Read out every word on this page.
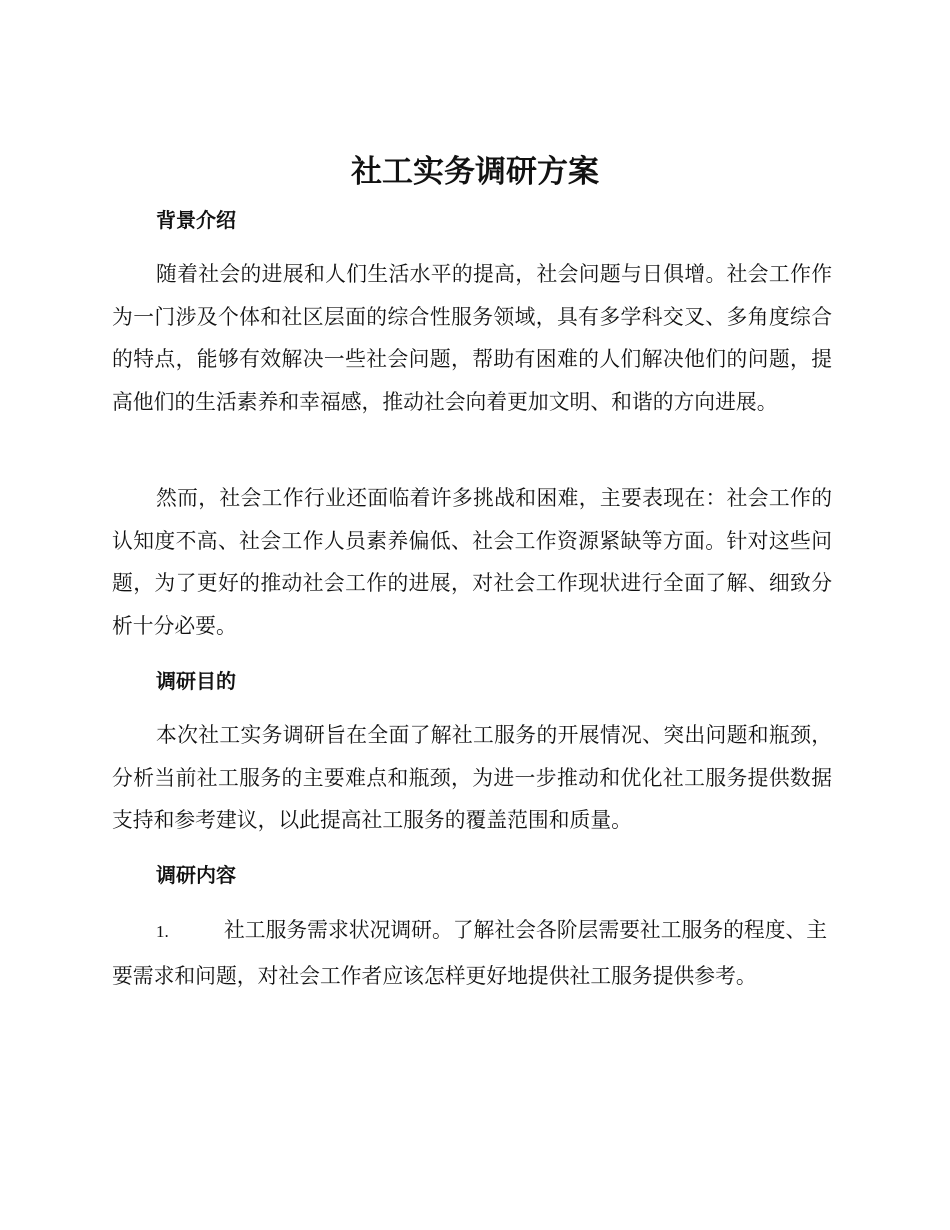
社工实务调研方案
背景介绍

随着社会的进展和人们生活水平的提高，社会问题与日俱增。社会工作作为一门涉及个体和社区层面的综合性服务领域，具有多学科交叉、多角度综合的特点，能够有效解决一些社会问题，帮助有困难的人们解决他们的问题，提高他们的生活素养和幸福感，推动社会向着更加文明、和谐的方向进展。

然而，社会工作行业还面临着许多挑战和困难，主要表现在：社会工作的认知度不高、社会工作人员素养偏低、社会工作资源紧缺等方面。针对这些问题，为了更好的推动社会工作的进展，对社会工作现状进行全面了解、细致分析十分必要。

调研目的

本次社工实务调研旨在全面了解社工服务的开展情况、突出问题和瓶颈，分析当前社工服务的主要难点和瓶颈，为进一步推动和优化社工服务提供数据支持和参考建议，以此提高社工服务的覆盖范围和质量。

调研内容

1.	社工服务需求状况调研。了解社会各阶层需要社工服务的程度、主要需求和问题，对社会工作者应该怎样更好地提供社工服务提供参考。
